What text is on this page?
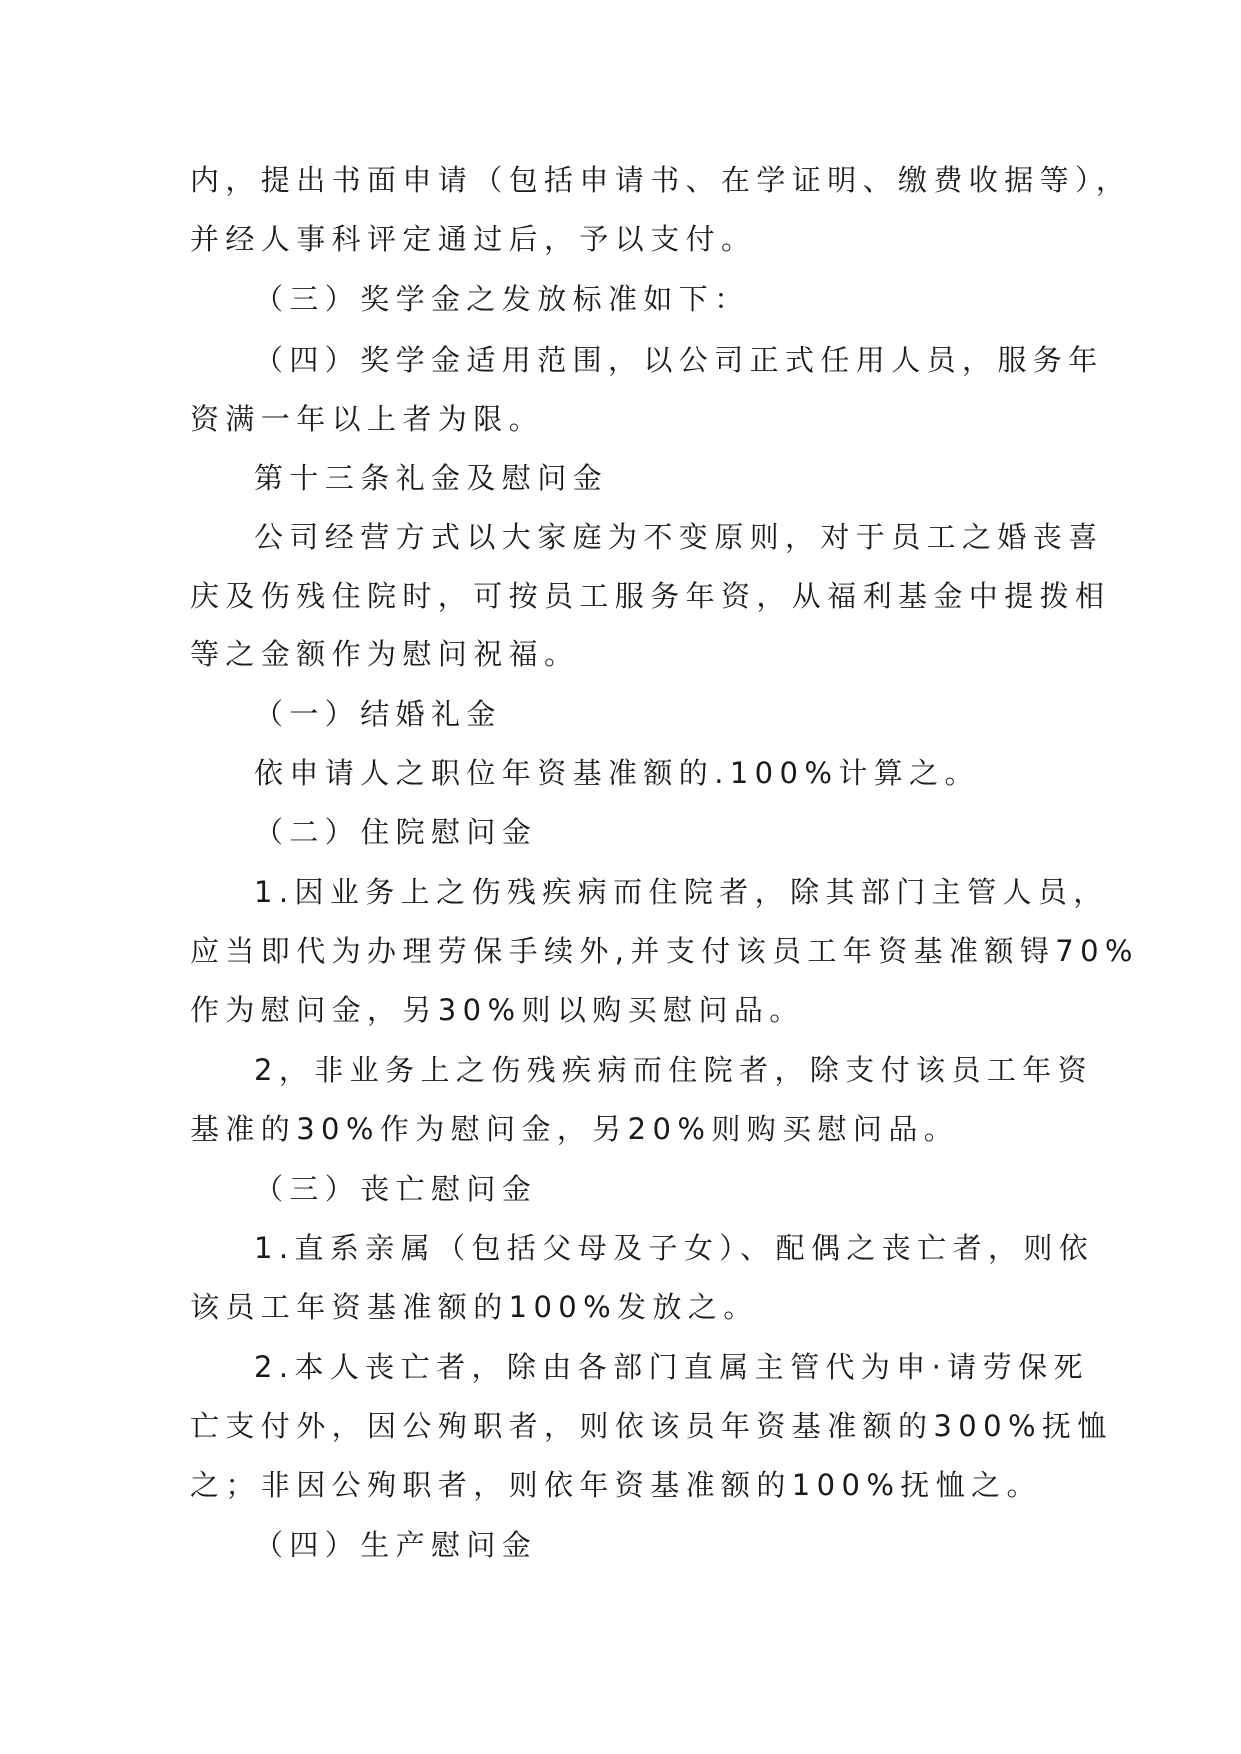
内，提出书面申请（包括申请书、在学证明、缴费收据等），
并经人事科评定通过后，予以支付。
（三）奖学金之发放标准如下：
（四）奖学金适用范围，以公司正式任用人员，服务年
资满一年以上者为限。
第十三条礼金及慰问金
公司经营方式以大家庭为不变原则，对于员工之婚丧喜
庆及伤残住院时，可按员工服务年资，从福利基金中提拨相
等之金额作为慰问祝福。
（一）结婚礼金
依申请人之职位年资基准额的.100%计算之。
（二）住院慰问金
1.因业务上之伤残疾病而住院者，除其部门主管人员，
应当即代为办理劳保手续外,并支付该员工年资基准额锝70%
作为慰问金，另30%则以购买慰问品。
2，非业务上之伤残疾病而住院者，除支付该员工年资
基准的30%作为慰问金，另20%则购买慰问品。
（三）丧亡慰问金
1.直系亲属（包括父母及子女）、配偶之丧亡者，则依
该员工年资基准额的100%发放之。
2.本人丧亡者，除由各部门直属主管代为申·请劳保死
亡支付外，因公殉职者，则依该员年资基准额的300%抚恤
之；非因公殉职者，则依年资基准额的100%抚恤之。
（四）生产慰问金
